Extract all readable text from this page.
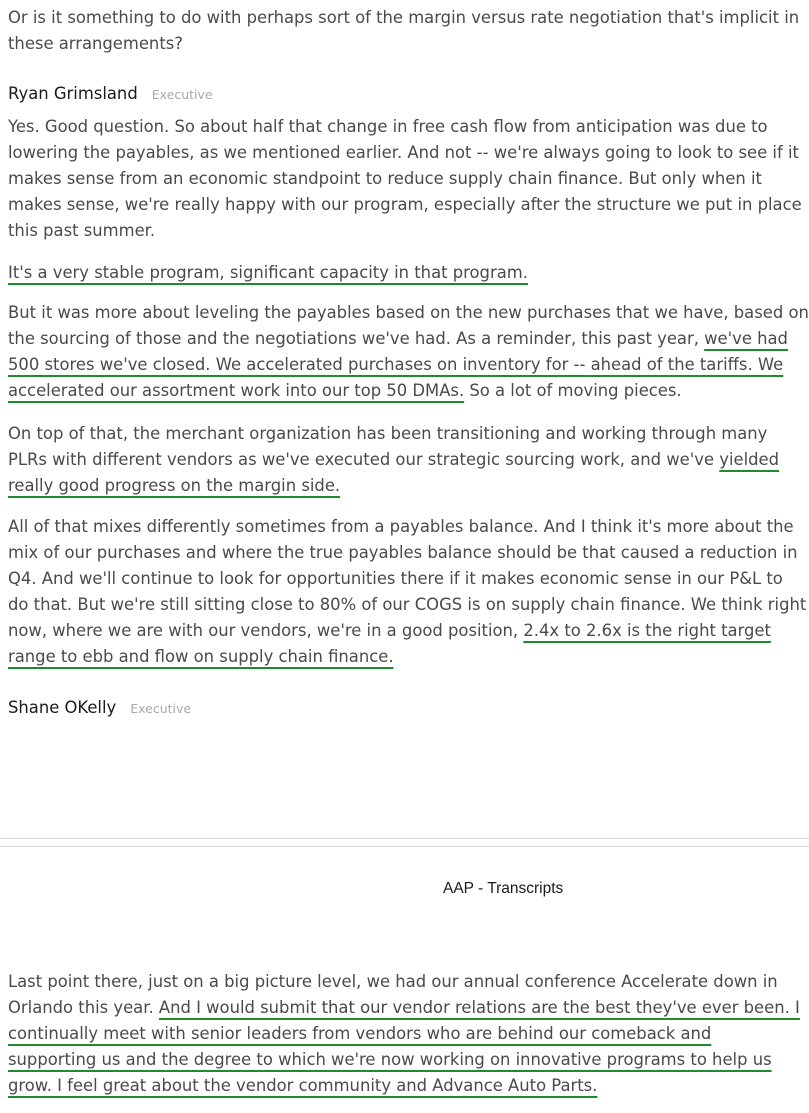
Or is it something to do with perhaps sort of the margin versus rate negotiation that's implicit in
these arrangements?

Ryan Grimsland Executive

Yes. Good question. So about half that change in free cash flow from anticipation was due to
lowering the payables, as we mentioned earlier. And not -- we're always going to look to see if it
makes sense from an economic standpoint to reduce supply chain finance. But only when it
makes sense, we're really happy with our program, especially after the structure we put in place
this past summer.

It's a very stable program, significant capacity in that program.

But it was more about leveling the payables based on the new purchases that we have, based on
the sourcing of those and the negotiations we've had. As a reminder, this past year, we've had
500 stores we've closed. We accelerated purchases on inventory for -- ahead of the tariffs. We
accelerated our assortment work into our top 50 DMAs. So a lot of moving pieces.

On top of that, the merchant organization has been transitioning and working through many
PLRs with different vendors as we've executed our strategic sourcing work, and we've yielded
really good progress on the margin side.

All of that mixes differently sometimes from a payables balance. And I think it's more about the
mix of our purchases and where the true payables balance should be that caused a reduction in
Q4. And we'll continue to look for opportunities there if it makes economic sense in our P&L to
do that. But we're still sitting close to 80% of our COGS is on supply chain finance. We think right
now, where we are with our vendors, we're in a good position, 2.4x to 2.6x is the right target
range to ebb and flow on supply chain finance.

Shane OKelly Executive
AAP - Transcripts

Last point there, just on a big picture level, we had our annual conference Accelerate down in
Orlando this year. And I would submit that our vendor relations are the best they've ever been. I
continually meet with senior leaders from vendors who are behind our comeback and
supporting us and the degree to which we're now working on innovative programs to help us
grow. I feel great about the vendor community and Advance Auto Parts.
